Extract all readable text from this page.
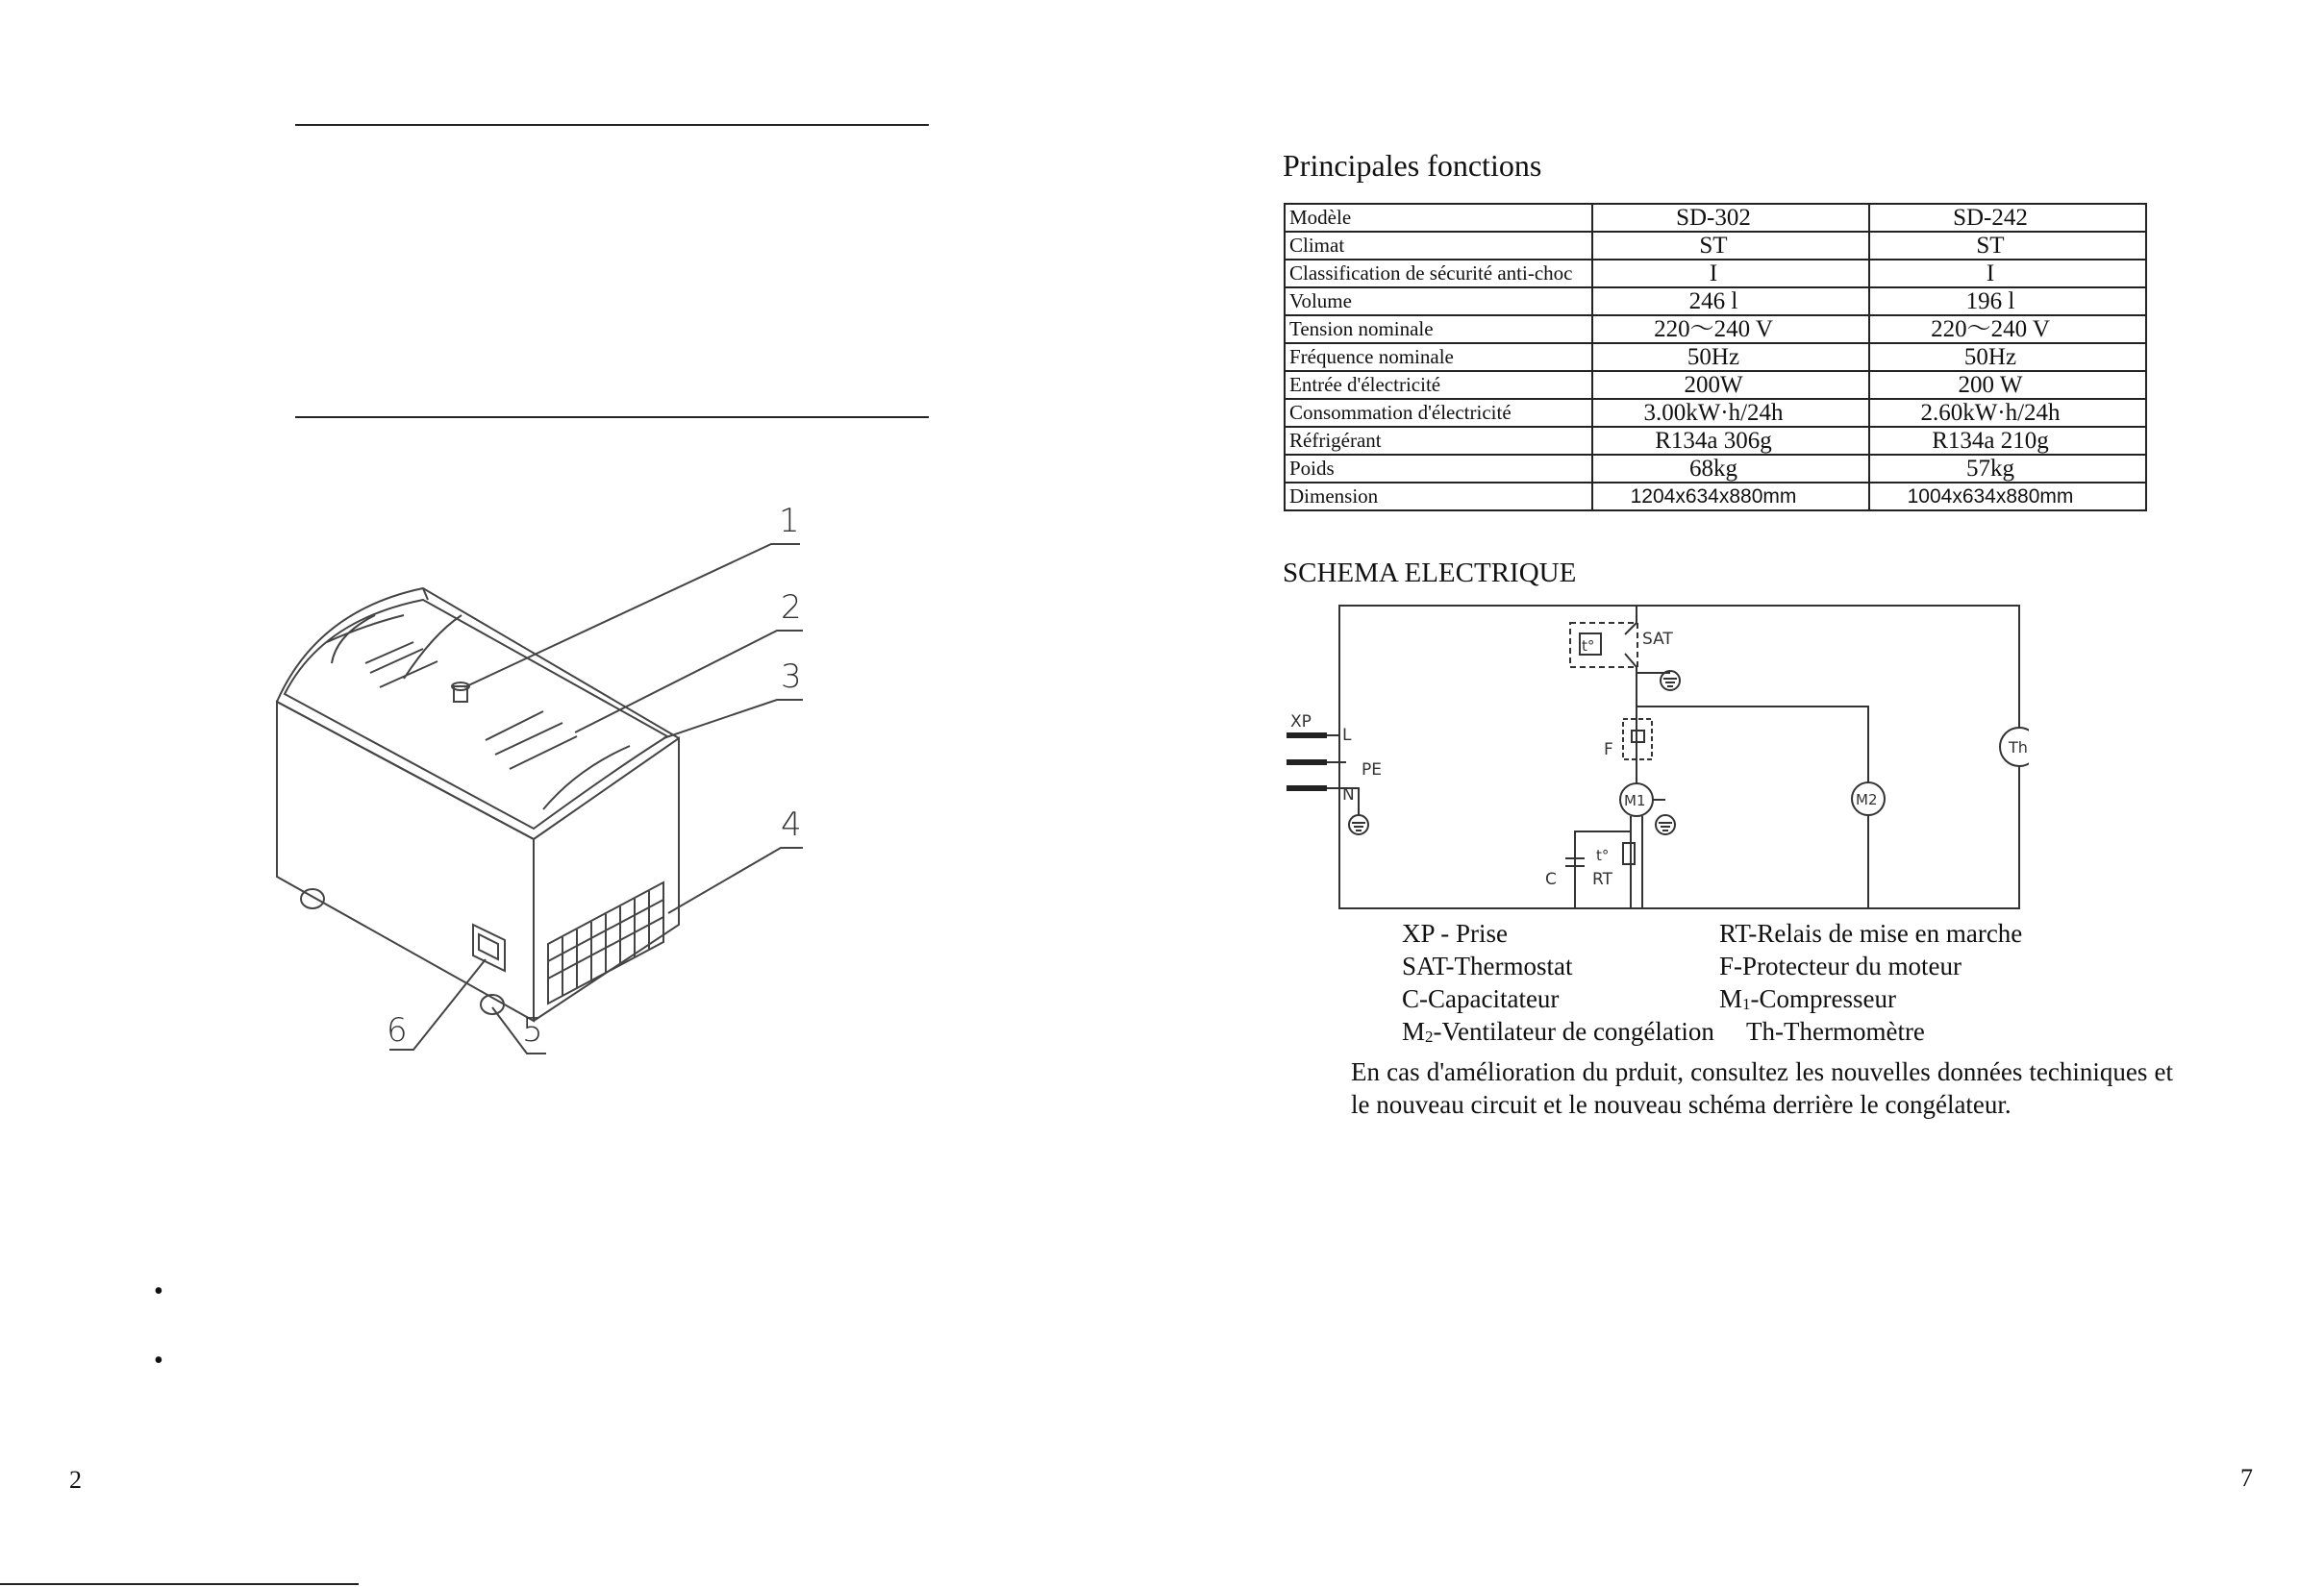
1
2
3
4
5
6
•
•
2
Principales fonctions
Modèle	SD-302	SD-242
Climat	ST	ST
Classification de sécurité anti-choc	I	I
Volume	246 l	196 l
Tension nominale	220～240 V	220～240 V
Fréquence nominale	50Hz	50Hz
Entrée d'électricité	200W	200 W
Consommation d'électricité	3.00kW·h/24h	2.60kW·h/24h
Réfrigérant	R134a 306g	R134a 210g
Poids	68kg	57kg
Dimension	1204x634x880mm	1004x634x880mm
SCHEMA ELECTRIQUE
XP
L
PE
N
SAT
t°
F
M1	M2
Th
t°
C RT
XP - Prise	RT-Relais de mise en marche
SAT-Thermostat	F-Protecteur du moteur
C-Capacitateur	$M_1$-Compresseur
$M_2$-Ventilateur de congélation Th-Thermomètre
En cas d'amélioration du prduit, consultez les nouvelles données techiniques et le nouveau circuit et le nouveau schéma derrière le congélateur.
7
